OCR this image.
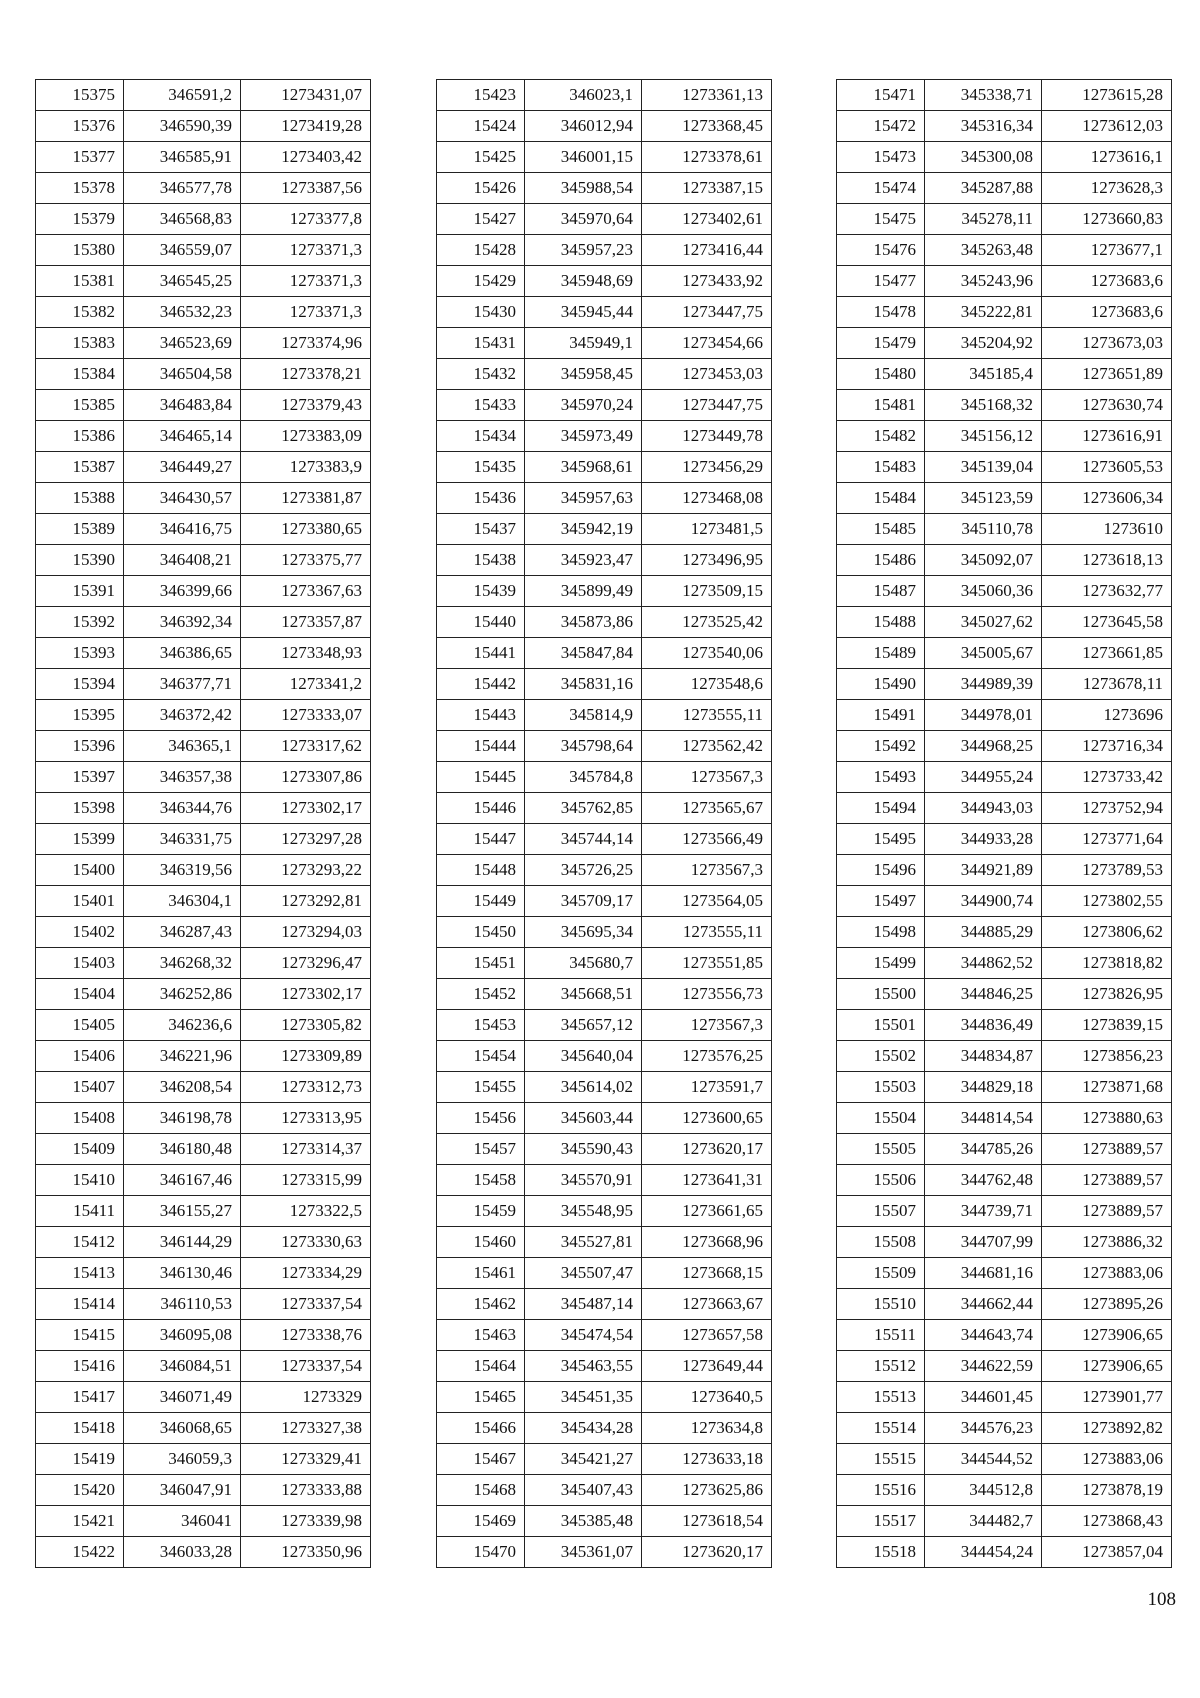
15375	346591,2	1273431,07
15376	346590,39	1273419,28
15377	346585,91	1273403,42
15378	346577,78	1273387,56
15379	346568,83	1273377,8
15380	346559,07	1273371,3
15381	346545,25	1273371,3
15382	346532,23	1273371,3
15383	346523,69	1273374,96
15384	346504,58	1273378,21
15385	346483,84	1273379,43
15386	346465,14	1273383,09
15387	346449,27	1273383,9
15388	346430,57	1273381,87
15389	346416,75	1273380,65
15390	346408,21	1273375,77
15391	346399,66	1273367,63
15392	346392,34	1273357,87
15393	346386,65	1273348,93
15394	346377,71	1273341,2
15395	346372,42	1273333,07
15396	346365,1	1273317,62
15397	346357,38	1273307,86
15398	346344,76	1273302,17
15399	346331,75	1273297,28
15400	346319,56	1273293,22
15401	346304,1	1273292,81
15402	346287,43	1273294,03
15403	346268,32	1273296,47
15404	346252,86	1273302,17
15405	346236,6	1273305,82
15406	346221,96	1273309,89
15407	346208,54	1273312,73
15408	346198,78	1273313,95
15409	346180,48	1273314,37
15410	346167,46	1273315,99
15411	346155,27	1273322,5
15412	346144,29	1273330,63
15413	346130,46	1273334,29
15414	346110,53	1273337,54
15415	346095,08	1273338,76
15416	346084,51	1273337,54
15417	346071,49	1273329
15418	346068,65	1273327,38
15419	346059,3	1273329,41
15420	346047,91	1273333,88
15421	346041	1273339,98
15422	346033,28	1273350,96
15423	346023,1	1273361,13
15424	346012,94	1273368,45
15425	346001,15	1273378,61
15426	345988,54	1273387,15
15427	345970,64	1273402,61
15428	345957,23	1273416,44
15429	345948,69	1273433,92
15430	345945,44	1273447,75
15431	345949,1	1273454,66
15432	345958,45	1273453,03
15433	345970,24	1273447,75
15434	345973,49	1273449,78
15435	345968,61	1273456,29
15436	345957,63	1273468,08
15437	345942,19	1273481,5
15438	345923,47	1273496,95
15439	345899,49	1273509,15
15440	345873,86	1273525,42
15441	345847,84	1273540,06
15442	345831,16	1273548,6
15443	345814,9	1273555,11
15444	345798,64	1273562,42
15445	345784,8	1273567,3
15446	345762,85	1273565,67
15447	345744,14	1273566,49
15448	345726,25	1273567,3
15449	345709,17	1273564,05
15450	345695,34	1273555,11
15451	345680,7	1273551,85
15452	345668,51	1273556,73
15453	345657,12	1273567,3
15454	345640,04	1273576,25
15455	345614,02	1273591,7
15456	345603,44	1273600,65
15457	345590,43	1273620,17
15458	345570,91	1273641,31
15459	345548,95	1273661,65
15460	345527,81	1273668,96
15461	345507,47	1273668,15
15462	345487,14	1273663,67
15463	345474,54	1273657,58
15464	345463,55	1273649,44
15465	345451,35	1273640,5
15466	345434,28	1273634,8
15467	345421,27	1273633,18
15468	345407,43	1273625,86
15469	345385,48	1273618,54
15470	345361,07	1273620,17
15471	345338,71	1273615,28
15472	345316,34	1273612,03
15473	345300,08	1273616,1
15474	345287,88	1273628,3
15475	345278,11	1273660,83
15476	345263,48	1273677,1
15477	345243,96	1273683,6
15478	345222,81	1273683,6
15479	345204,92	1273673,03
15480	345185,4	1273651,89
15481	345168,32	1273630,74
15482	345156,12	1273616,91
15483	345139,04	1273605,53
15484	345123,59	1273606,34
15485	345110,78	1273610
15486	345092,07	1273618,13
15487	345060,36	1273632,77
15488	345027,62	1273645,58
15489	345005,67	1273661,85
15490	344989,39	1273678,11
15491	344978,01	1273696
15492	344968,25	1273716,34
15493	344955,24	1273733,42
15494	344943,03	1273752,94
15495	344933,28	1273771,64
15496	344921,89	1273789,53
15497	344900,74	1273802,55
15498	344885,29	1273806,62
15499	344862,52	1273818,82
15500	344846,25	1273826,95
15501	344836,49	1273839,15
15502	344834,87	1273856,23
15503	344829,18	1273871,68
15504	344814,54	1273880,63
15505	344785,26	1273889,57
15506	344762,48	1273889,57
15507	344739,71	1273889,57
15508	344707,99	1273886,32
15509	344681,16	1273883,06
15510	344662,44	1273895,26
15511	344643,74	1273906,65
15512	344622,59	1273906,65
15513	344601,45	1273901,77
15514	344576,23	1273892,82
15515	344544,52	1273883,06
15516	344512,8	1273878,19
15517	344482,7	1273868,43
15518	344454,24	1273857,04
108
